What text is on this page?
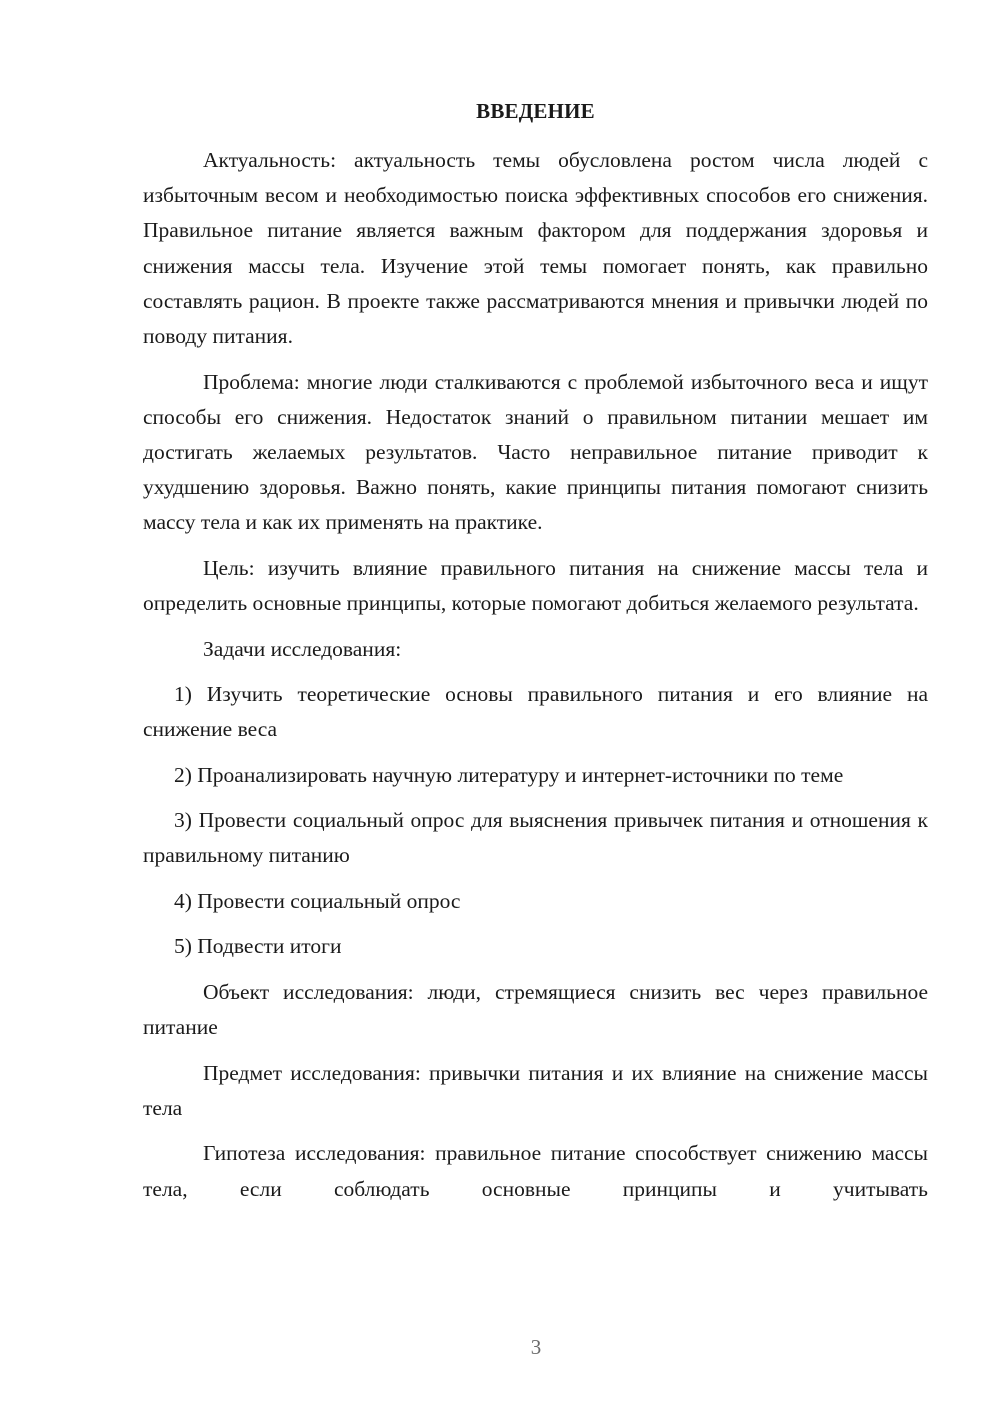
ВВЕДЕНИЕ

Актуальность: актуальность темы обусловлена ростом числа людей с избыточным весом и необходимостью поиска эффективных способов его снижения. Правильное питание является важным фактором для поддержания здоровья и снижения массы тела. Изучение этой темы помогает понять, как правильно составлять рацион. В проекте также рассматриваются мнения и привычки людей по поводу питания.

Проблема: многие люди сталкиваются с проблемой избыточного веса и ищут способы его снижения. Недостаток знаний о правильном питании мешает им достигать желаемых результатов. Часто неправильное питание приводит к ухудшению здоровья. Важно понять, какие принципы питания помогают снизить массу тела и как их применять на практике.

Цель: изучить влияние правильного питания на снижение массы тела и определить основные принципы, которые помогают добиться желаемого результата.

Задачи исследования:

1) Изучить теоретические основы правильного питания и его влияние на снижение веса

2) Проанализировать научную литературу и интернет-источники по теме

3) Провести социальный опрос для выяснения привычек питания и отношения к правильному питанию

4) Провести социальный опрос

5) Подвести итоги

Объект исследования: люди, стремящиеся снизить вес через правильное питание

Предмет исследования: привычки питания и их влияние на снижение массы тела

Гипотеза исследования: правильное питание способствует снижению массы тела, если соблюдать основные принципы и учитывать

3
